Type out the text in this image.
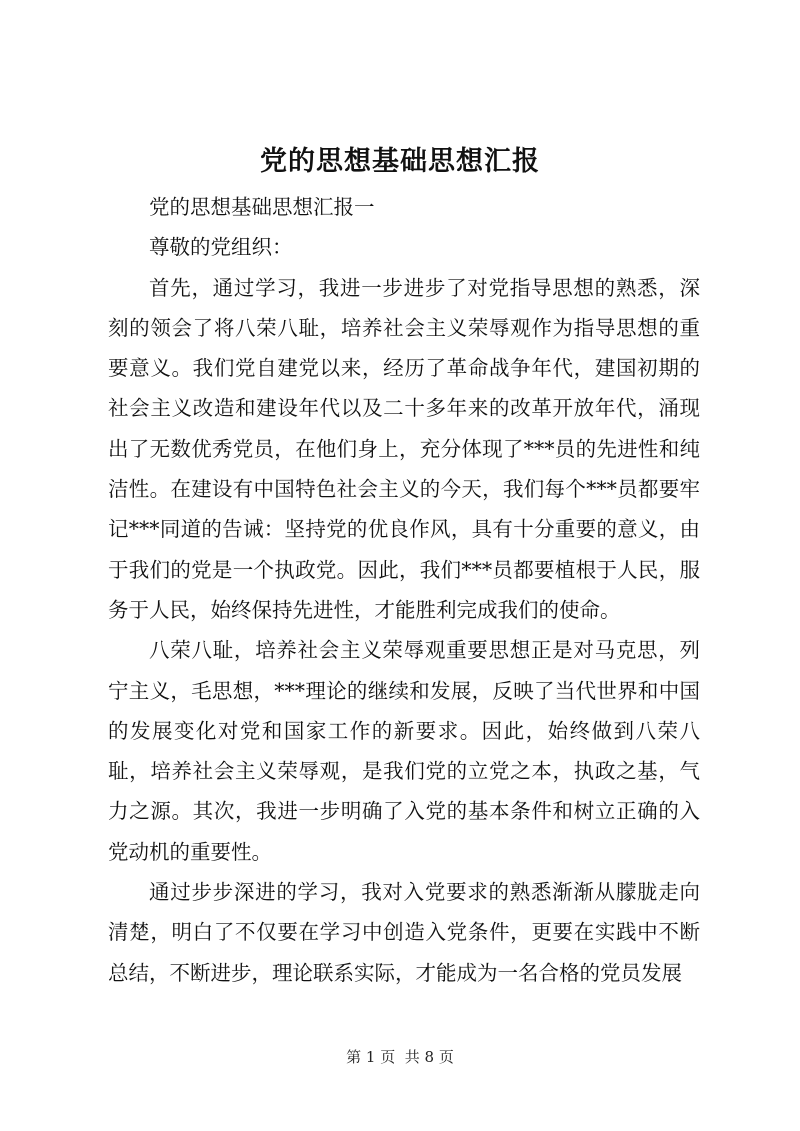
党的思想基础思想汇报

党的思想基础思想汇报一

尊敬的党组织：

首先，通过学习，我进一步进步了对党指导思想的熟悉，深刻的领会了将八荣八耻，培养社会主义荣辱观作为指导思想的重要意义。我们党自建党以来，经历了革命战争年代，建国初期的社会主义改造和建设年代以及二十多年来的改革开放年代，涌现出了无数优秀党员，在他们身上，充分体现了***员的先进性和纯洁性。在建设有中国特色社会主义的今天，我们每个***员都要牢记***同道的告诫：坚持党的优良作风，具有十分重要的意义，由于我们的党是一个执政党。因此，我们***员都要植根于人民，服务于人民，始终保持先进性，才能胜利完成我们的使命。

八荣八耻，培养社会主义荣辱观重要思想正是对马克思，列宁主义，毛思想，***理论的继续和发展，反映了当代世界和中国的发展变化对党和国家工作的新要求。因此，始终做到八荣八耻，培养社会主义荣辱观，是我们党的立党之本，执政之基，气力之源。其次，我进一步明确了入党的基本条件和树立正确的入党动机的重要性。

通过步步深进的学习，我对入党要求的熟悉渐渐从朦胧走向清楚，明白了不仅要在学习中创造入党条件，更要在实践中不断总结，不断进步，理论联系实际，才能成为一名合格的党员发展

第 1 页  共 8 页
